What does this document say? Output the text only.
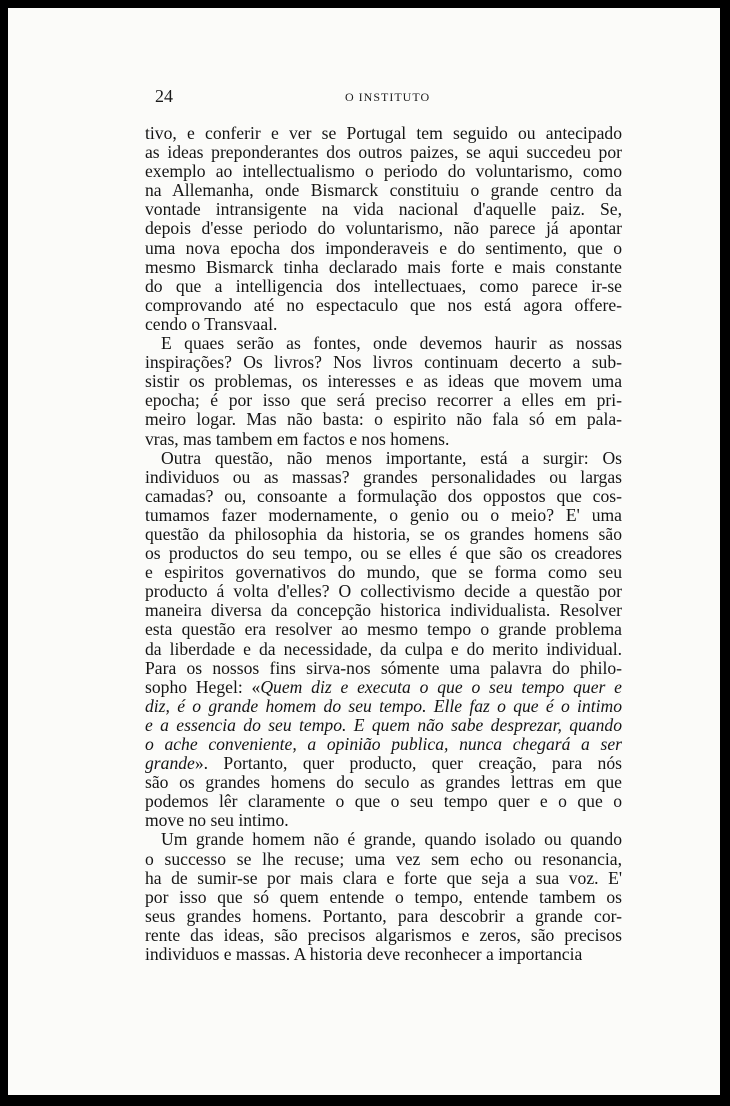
24	O INSTITUTO
tivo, e conferir e ver se Portugal tem seguido ou antecipado
as ideas preponderantes dos outros paizes, se aqui succedeu por
exemplo ao intellectualismo o periodo do voluntarismo, como
na Allemanha, onde Bismarck constituiu o grande centro da
vontade intransigente na vida nacional d'aquelle paiz. Se,
depois d'esse periodo do voluntarismo, não parece já apontar
uma nova epocha dos imponderaveis e do sentimento, que o
mesmo Bismarck tinha declarado mais forte e mais constante
do que a intelligencia dos intellectuaes, como parece ir-se
comprovando até no espectaculo que nos está agora offere-
cendo o Transvaal.
E quaes serão as fontes, onde devemos haurir as nossas
inspirações? Os livros? Nos livros continuam decerto a sub-
sistir os problemas, os interesses e as ideas que movem uma
epocha; é por isso que será preciso recorrer a elles em pri-
meiro logar. Mas não basta: o espirito não fala só em pala-
vras, mas tambem em factos e nos homens.
Outra questão, não menos importante, está a surgir: Os
individuos ou as massas? grandes personalidades ou largas
camadas? ou, consoante a formulação dos oppostos que cos-
tumamos fazer modernamente, o genio ou o meio? E' uma
questão da philosophia da historia, se os grandes homens são
os productos do seu tempo, ou se elles é que são os creadores
e espiritos governativos do mundo, que se forma como seu
producto á volta d'elles? O collectivismo decide a questão por
maneira diversa da concepção historica individualista. Resolver
esta questão era resolver ao mesmo tempo o grande problema
da liberdade e da necessidade, da culpa e do merito individual.
Para os nossos fins sirva-nos sómente uma palavra do philo-
sopho Hegel: «Quem diz e executa o que o seu tempo quer e
diz, é o grande homem do seu tempo. Elle faz o que é o intimo
e a essencia do seu tempo. E quem não sabe desprezar, quando
o ache conveniente, a opinião publica, nunca chegará a ser
grande». Portanto, quer producto, quer creação, para nós
são os grandes homens do seculo as grandes lettras em que
podemos lêr claramente o que o seu tempo quer e o que o
move no seu intimo.
Um grande homem não é grande, quando isolado ou quando
o successo se lhe recuse; uma vez sem echo ou resonancia,
ha de sumir-se por mais clara e forte que seja a sua voz. E'
por isso que só quem entende o tempo, entende tambem os
seus grandes homens. Portanto, para descobrir a grande cor-
rente das ideas, são precisos algarismos e zeros, são precisos
individuos e massas. A historia deve reconhecer a importancia
